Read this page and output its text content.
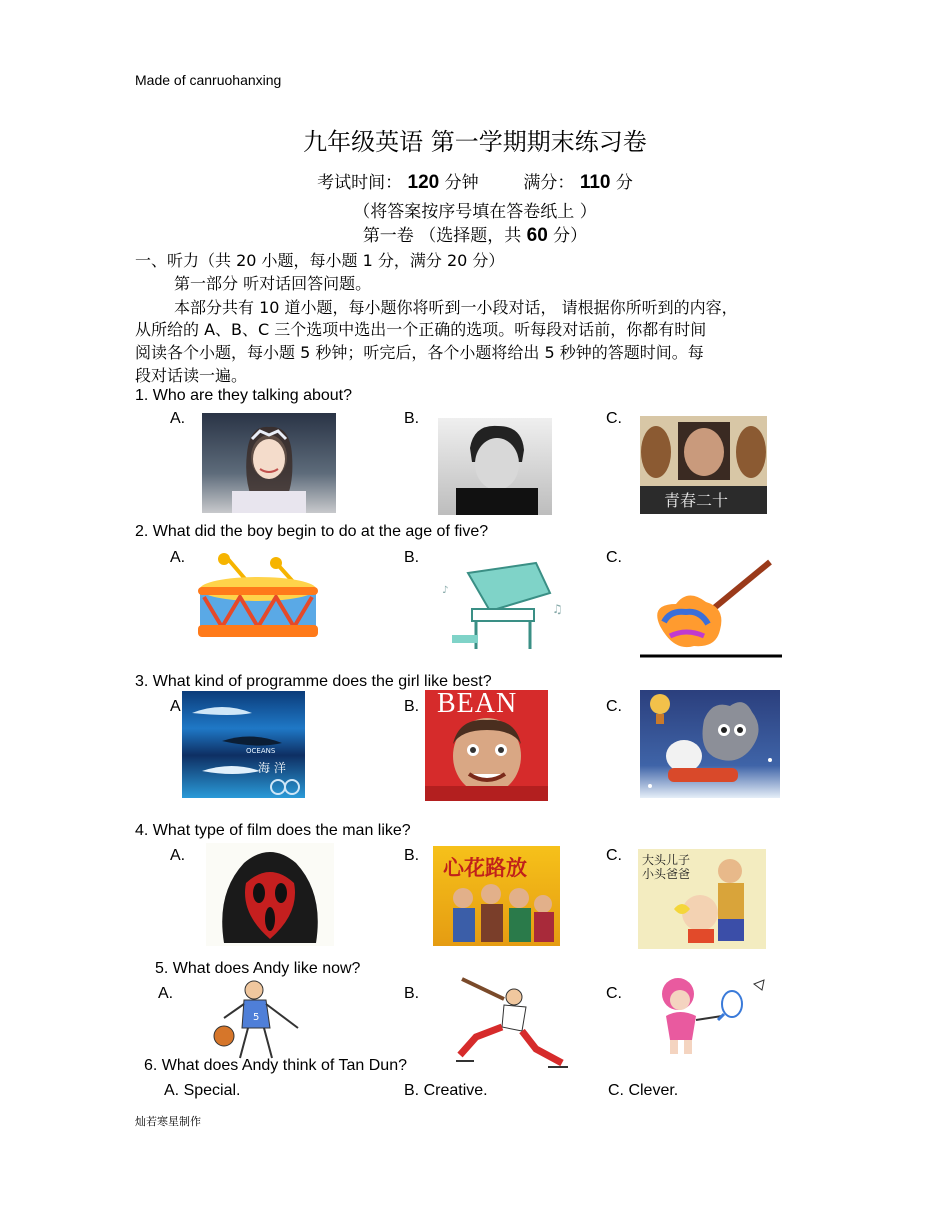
Made of canruohanxing
九年级英语 第一学期期末练习卷
考试时间： 120 分钟	满分： 110 分
（将答案按序号填在答卷纸上 ）
第一卷 （选择题，共 60 分）
一、听力（共 20 小题，每小题 1 分，满分 20 分）
第一部分 听对话回答问题。
本部分共有 10 道小题，每小题你将听到一小段对话， 请根据你所听到的内容，
从所给的 A、B、C 三个选项中选出一个正确的选项。听每段对话前，你都有时间
阅读各个小题，每小题 5 秒钟；听完后，各个小题将给出 5 秒钟的答题时间。每
段对话读一遍。
1. Who are they talking about?
A.	B.	C.
青春二十
2. What did the boy begin to do at the age of five?
A.	B.	C.
♪
♫
3. What kind of programme does the girl like best?
A	B.	C.
海 洋
OCEANS
BEAN
4. What type of film does the man like?
A.	B.	C.
心花路放	大头儿子小头爸爸
5. What does Andy like now?
A.	B.	C.
5
6. What does Andy think of Tan Dun?
A. Special.	B. Creative.	C. Clever.
灿若寒星制作
